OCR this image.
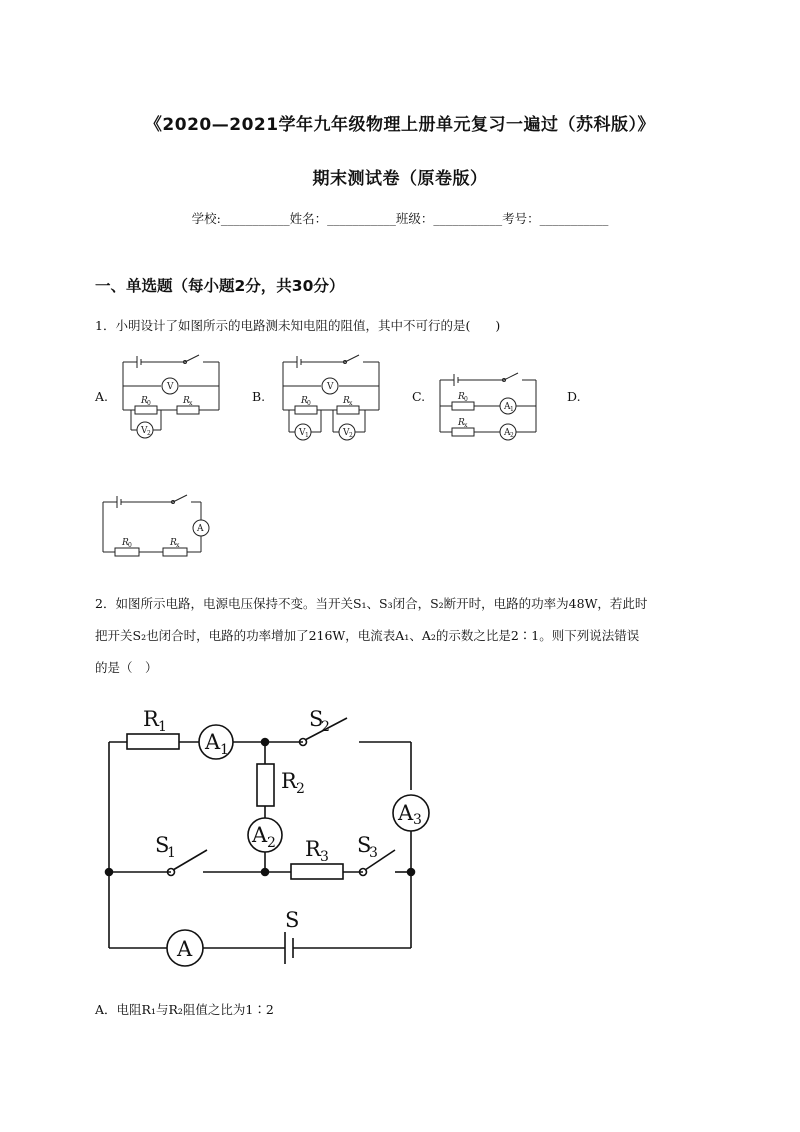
《2020—2021学年九年级物理上册单元复习一遍过（苏科版）》
期末测试卷（原卷版）
学校:___________姓名：___________班级：___________考号：___________
一、单选题（每小题2分，共30分）
1．小明设计了如图所示的电路测未知电阻的阻值，其中不可行的是(　　)
A.	B.	C.	D.
V
R 0	R x
V 2
V
R 0	R x
V 1	V 2
R 0
A 1
R x
A 2
A
R 0	R x
2．如图所示电路，电源电压保持不变。当开关S₁、S₃闭合，S₂断开时，电路的功率为48W，若此时
把开关S₂也闭合时，电路的功率增加了216W，电流表A₁、A₂的示数之比是2∶1。则下列说法错误
的是（　）
R 1
A 1
S
2
R 2
A 2
A 3
S
1	R 3 S
3
A
S
A．电阻R₁与R₂阻值之比为1∶2
